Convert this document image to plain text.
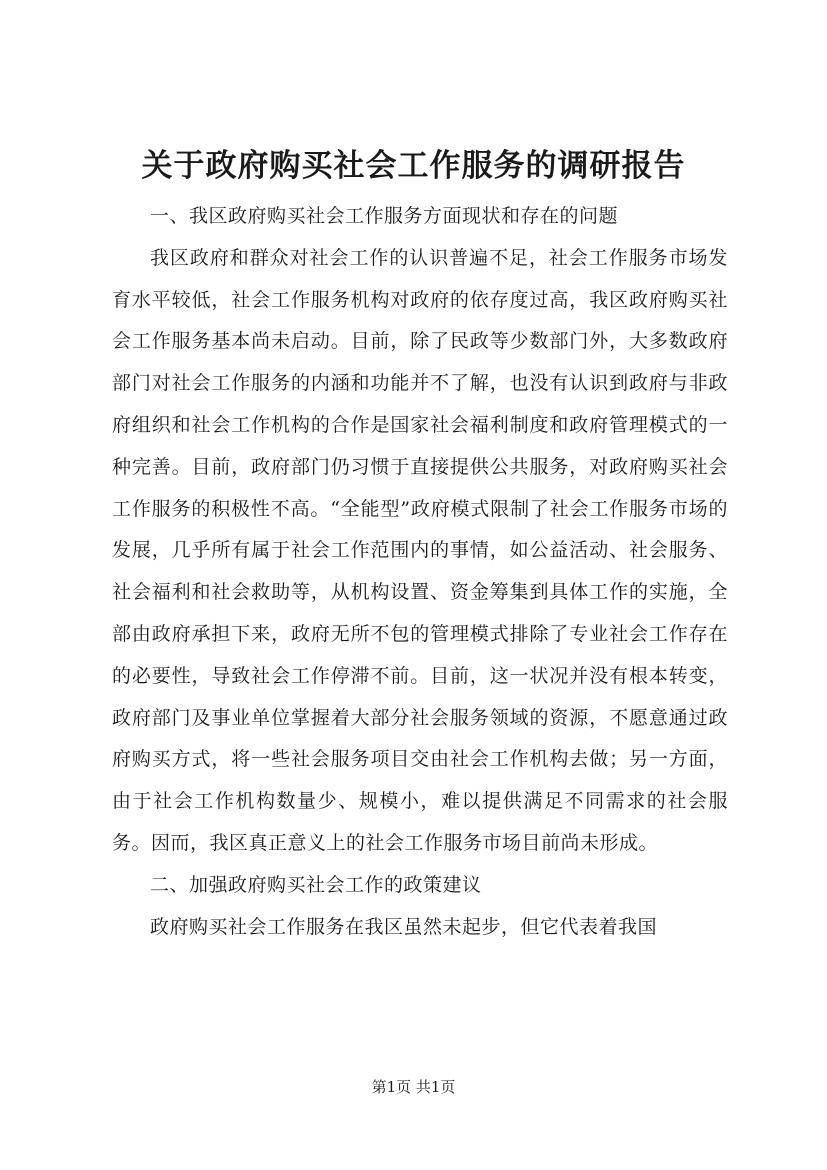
关于政府购买社会工作服务的调研报告

一、我区政府购买社会工作服务方面现状和存在的问题

我区政府和群众对社会工作的认识普遍不足，社会工作服务市场发育水平较低，社会工作服务机构对政府的依存度过高，我区政府购买社会工作服务基本尚未启动。目前，除了民政等少数部门外，大多数政府部门对社会工作服务的内涵和功能并不了解，也没有认识到政府与非政府组织和社会工作机构的合作是国家社会福利制度和政府管理模式的一种完善。目前，政府部门仍习惯于直接提供公共服务，对政府购买社会工作服务的积极性不高。“全能型”政府模式限制了社会工作服务市场的发展，几乎所有属于社会工作范围内的事情，如公益活动、社会服务、社会福利和社会救助等，从机构设置、资金筹集到具体工作的实施，全部由政府承担下来，政府无所不包的管理模式排除了专业社会工作存在的必要性，导致社会工作停滞不前。目前，这一状况并没有根本转变，政府部门及事业单位掌握着大部分社会服务领域的资源，不愿意通过政府购买方式，将一些社会服务项目交由社会工作机构去做；另一方面，由于社会工作机构数量少、规模小，难以提供满足不同需求的社会服务。因而，我区真正意义上的社会工作服务市场目前尚未形成。

二、加强政府购买社会工作的政策建议

政府购买社会工作服务在我区虽然未起步，但它代表着我国

第1页 共1页
